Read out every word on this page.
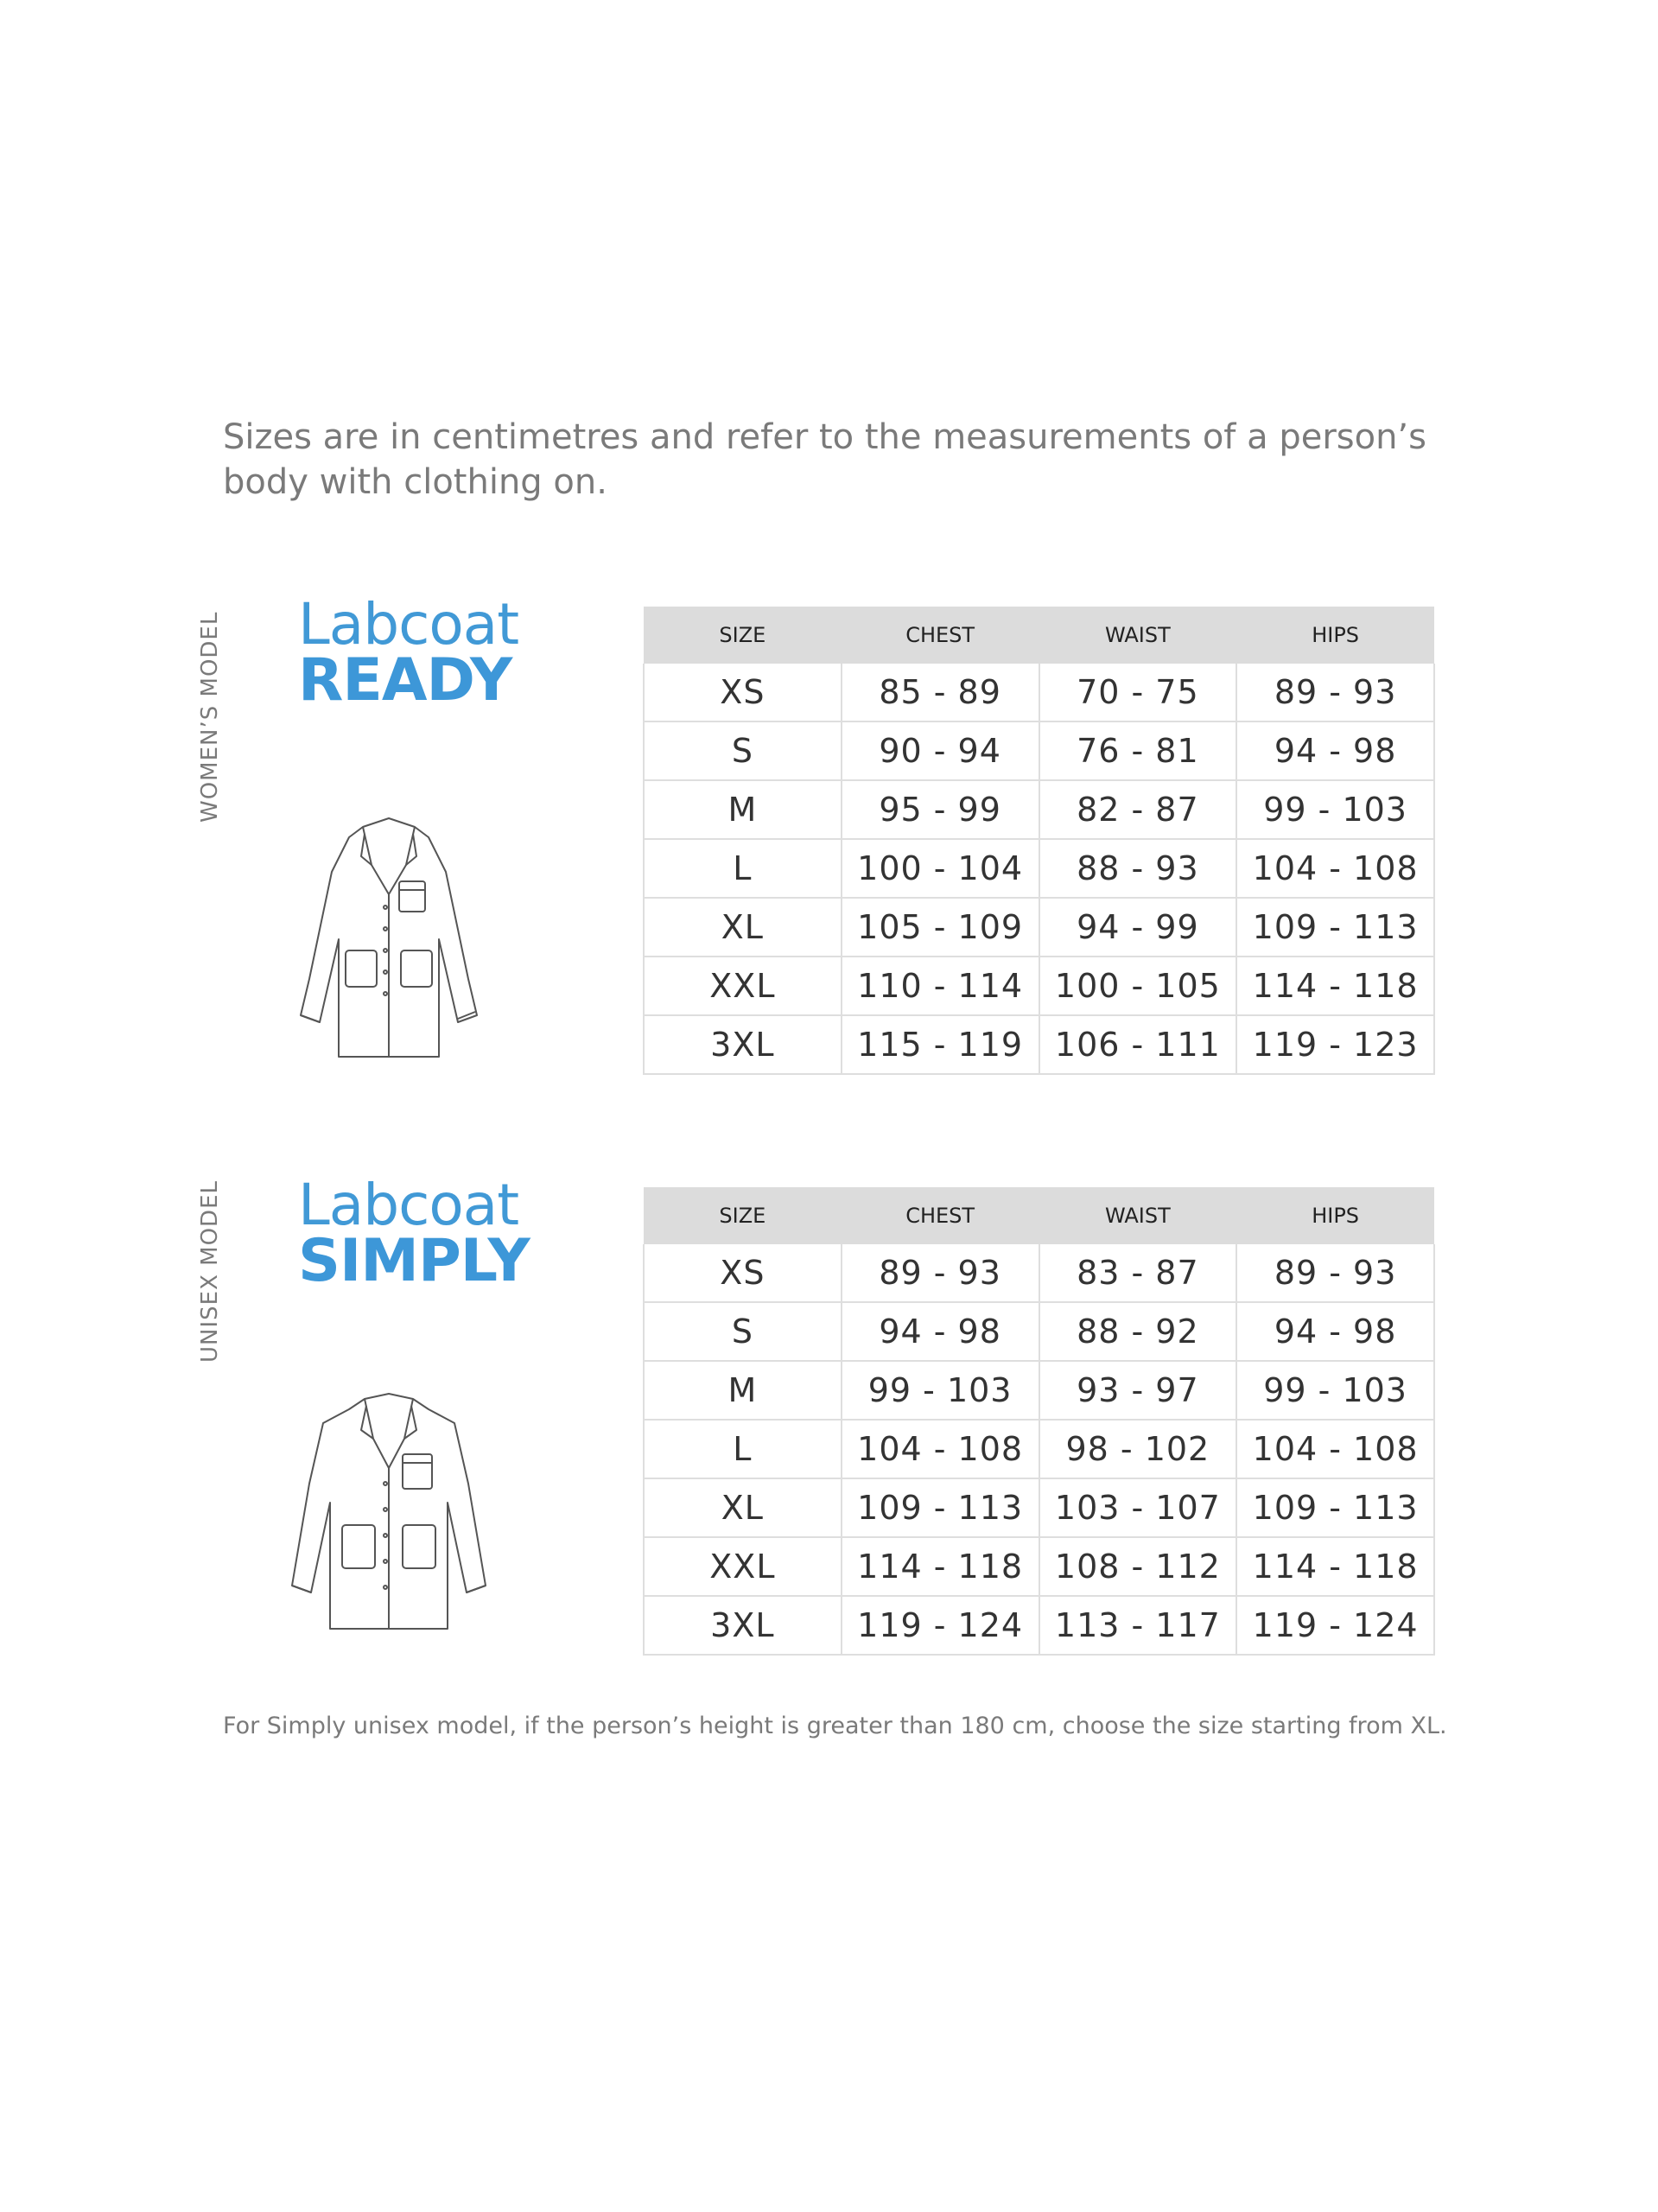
Sizes are in centimetres and refer to the measurements of a person’s body with clothing on.

WOMEN’S MODEL Labcoat
READY
SIZE	CHEST	WAIST	HIPS
XS	85 - 89	70 - 75	89 - 93
S	90 - 94	76 - 81	94 - 98
M	95 - 99	82 - 87	99 - 103
L	100 - 104	88 - 93	104 - 108
XL	105 - 109	94 - 99	109 - 113
XXL	110 - 114	100 - 105	114 - 118
3XL	115 - 119	106 - 111	119 - 123
UNISEX MODEL Labcoat
SIMPLY
SIZE	CHEST	WAIST	HIPS
XS	89 - 93	83 - 87	89 - 93
S	94 - 98	88 - 92	94 - 98
M	99 - 103	93 - 97	99 - 103
L	104 - 108	98 - 102	104 - 108
XL	109 - 113	103 - 107	109 - 113
XXL	114 - 118	108 - 112	114 - 118
3XL	119 - 124	113 - 117	119 - 124

For Simply unisex model, if the person’s height is greater than 180 cm, choose the size starting from XL.
